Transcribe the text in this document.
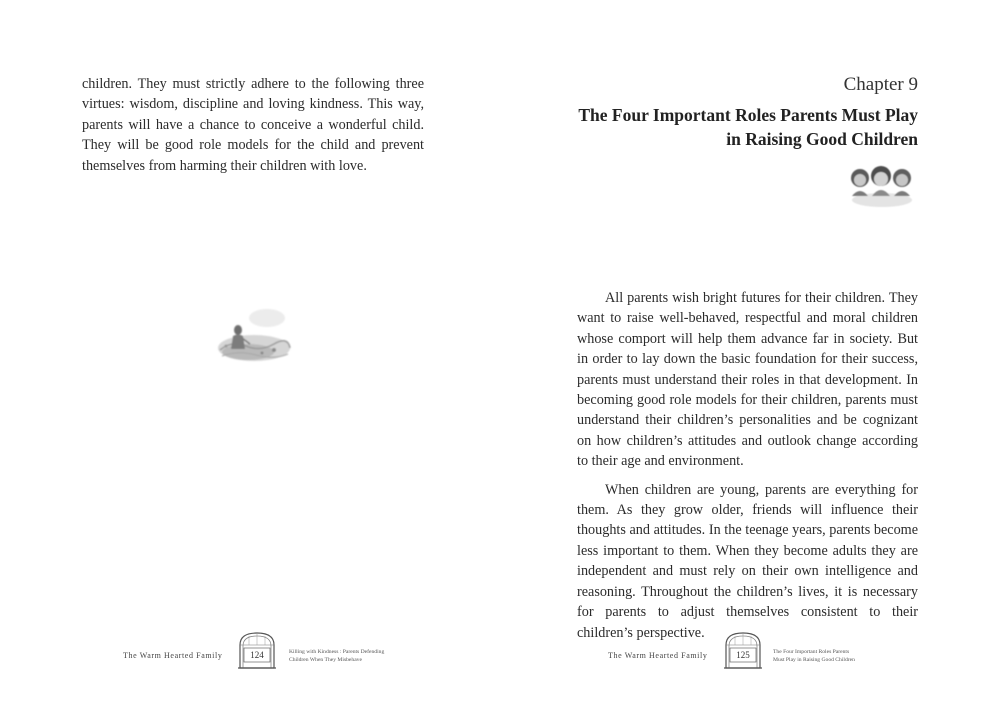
children. They must strictly adhere to the following three virtues: wisdom, discipline and loving kindness. This way, parents will have a chance to conceive a wonderful child. They will be good role models for the child and prevent themselves from harming their children with love.

The Warm Hearted Family	124	Killing with Kindness : Parents Defending
Children When They Misbehave
Chapter 9
The Four Important Roles Parents Must Play
in Raising Good Children

All parents wish bright futures for their children. They want to raise well-behaved, respectful and moral children whose comport will help them advance far in society. But in order to lay down the basic foundation for their success, parents must understand their roles in that development. In becoming good role models for their children, parents must understand their children’s personalities and be cognizant on how children’s attitudes and outlook change according to their age and environment.

When children are young, parents are everything for them. As they grow older, friends will influence their thoughts and attitudes. In the teenage years, parents become less important to them. When they become adults they are independent and must rely on their own intelligence and reasoning. Throughout the children’s lives, it is necessary for parents to adjust themselves consistent to their children’s perspective.

The Warm Hearted Family	125	The Four Important Roles Parents
Must Play in Raising Good Children
